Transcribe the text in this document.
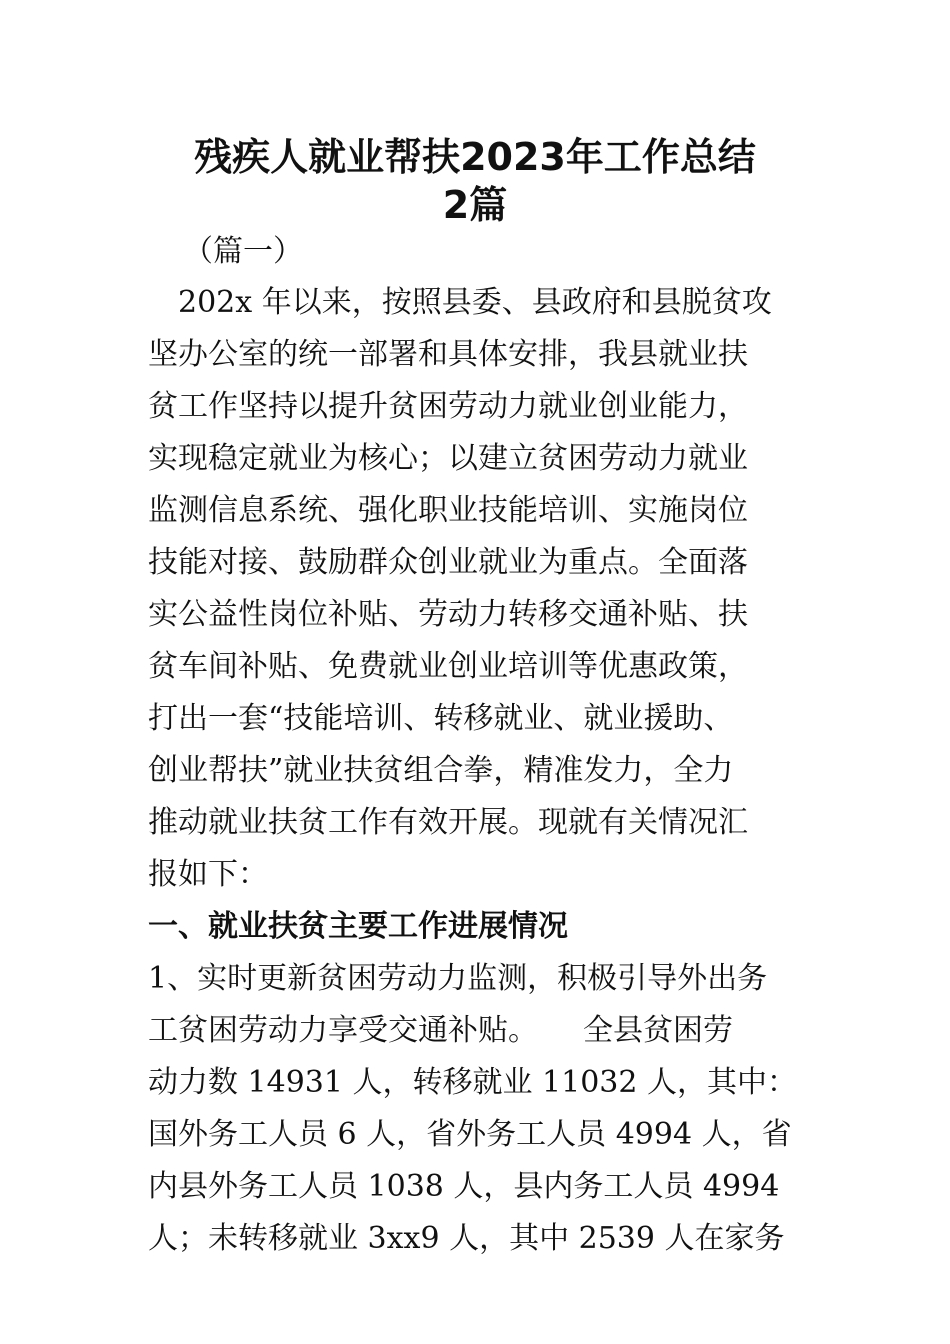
残疾人就业帮扶2023年工作总结
2篇

（篇一）

202x 年以来，按照县委、县政府和县脱贫攻

坚办公室的统一部署和具体安排，我县就业扶

贫工作坚持以提升贫困劳动力就业创业能力，

实现稳定就业为核心；以建立贫困劳动力就业

监测信息系统、强化职业技能培训、实施岗位

技能对接、鼓励群众创业就业为重点。全面落

实公益性岗位补贴、劳动力转移交通补贴、扶

贫车间补贴、免费就业创业培训等优惠政策，

打出一套“技能培训、转移就业、就业援助、

创业帮扶”就业扶贫组合拳，精准发力，全力

推动就业扶贫工作有效开展。现就有关情况汇

报如下：

一、就业扶贫主要工作进展情况

1、实时更新贫困劳动力监测，积极引导外出务

工贫困劳动力享受交通补贴。　　全县贫困劳

动力数 14931 人，转移就业 11032 人，其中：

国外务工人员 6 人，省外务工人员 4994 人，省

内县外务工人员 1038 人，县内务工人员 4994

人；未转移就业 3xx9 人，其中 2539 人在家务
